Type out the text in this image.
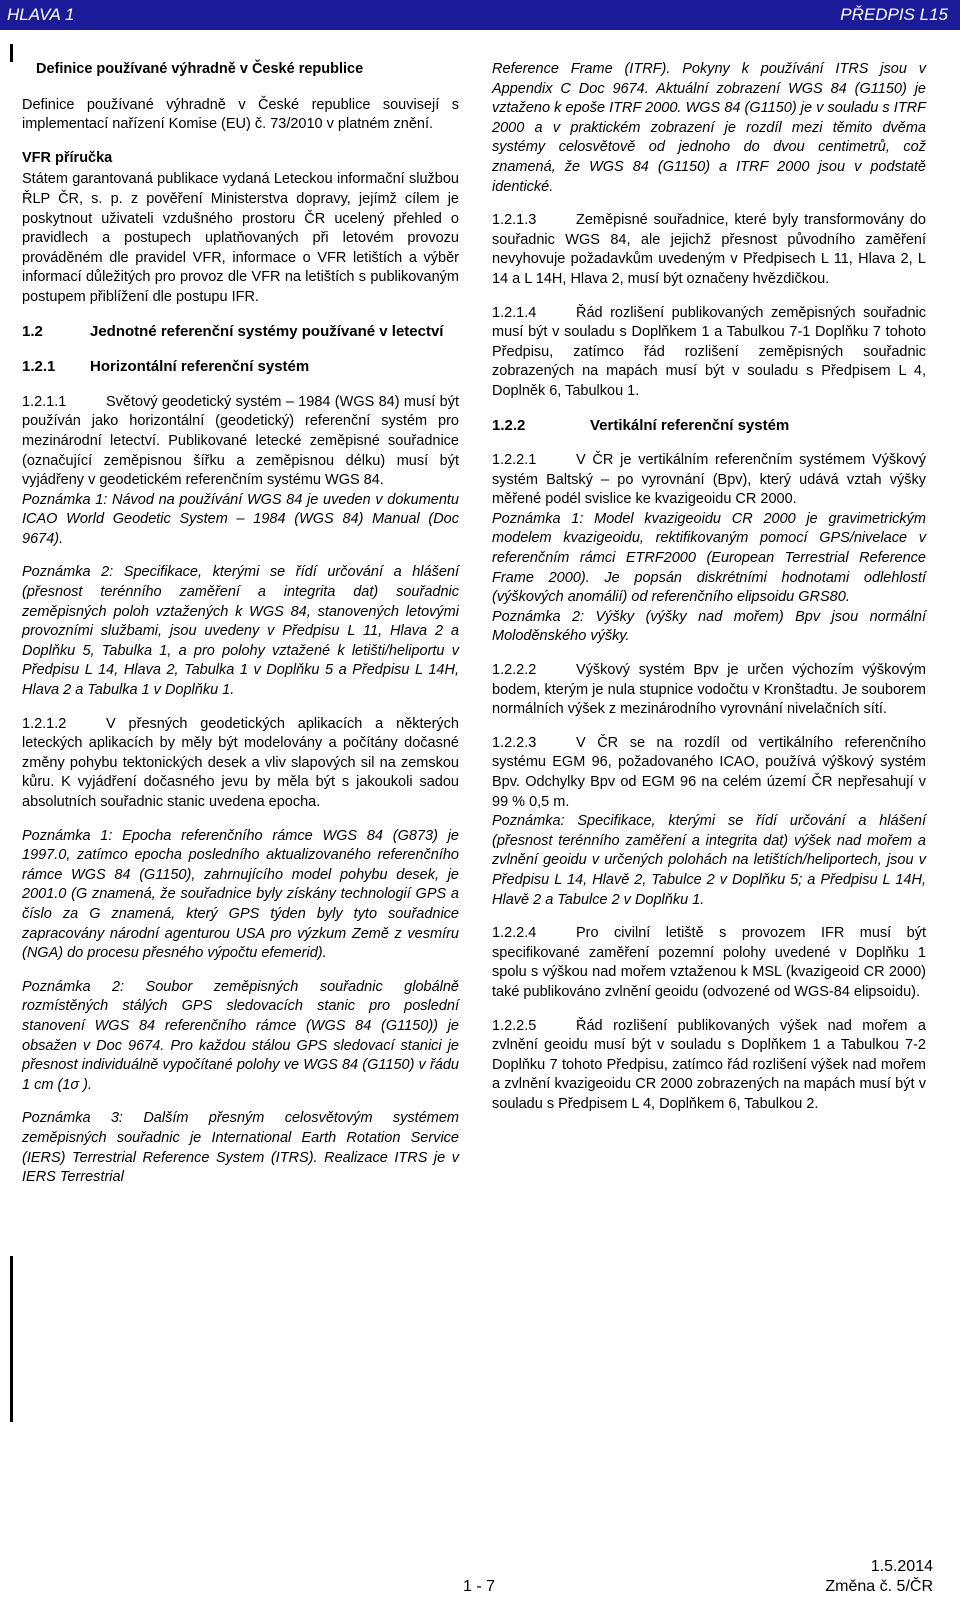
HLAVA 1	PŘEDPIS L15
Definice používané výhradně v České republice

Definice používané výhradně v České republice souvisejí s implementací nařízení Komise (EU) č. 73/2010 v platném znění.

VFR příručka

Státem garantovaná publikace vydaná Leteckou informační službou ŘLP ČR, s. p. z pověření Ministerstva dopravy, jejímž cílem je poskytnout uživateli vzdušného prostoru ČR ucelený přehled o pravidlech a postupech uplatňovaných při letovém provozu prováděném dle pravidel VFR, informace o VFR letištích a výběr informací důležitých pro provoz dle VFR na letištích s publikovaným postupem přiblížení dle postupu IFR.

1.2	Jednotné referenční systémy používané v letectví
1.2.1 Horizontální referenční systém

1.2.1.1	Světový geodetický systém – 1984 (WGS 84) musí být používán jako horizontální (geodetický) referenční systém pro mezinárodní letectví. Publikované letecké zeměpisné souřadnice (označující zeměpisnou šířku a zeměpisnou délku) musí být vyjádřeny v geodetickém referenčním systému WGS 84.

Poznámka 1: Návod na používání WGS 84 je uveden v dokumentu ICAO World Geodetic System – 1984 (WGS 84) Manual (Doc 9674).

Poznámka 2: Specifikace, kterými se řídí určování a hlášení (přesnost terénního zaměření a integrita dat) souřadnic zeměpisných poloh vztažených k WGS 84, stanovených letovými provozními službami, jsou uvedeny v Předpisu L 11, Hlava 2 a Doplňku 5, Tabulka 1, a pro polohy vztažené k letišti/heliportu v Předpisu L 14, Hlava 2, Tabulka 1 v Doplňku 5 a Předpisu L 14H, Hlava 2 a Tabulka 1 v Doplňku 1.

1.2.1.2	V přesných geodetických aplikacích a některých leteckých aplikacích by měly být modelovány a počítány dočasné změny pohybu tektonických desek a vliv slapových sil na zemskou kůru. K vyjádření dočasného jevu by měla být s jakoukoli sadou absolutních souřadnic stanic uvedena epocha.

Poznámka 1: Epocha referenčního rámce WGS 84 (G873) je 1997.0, zatímco epocha posledního aktualizovaného referenčního rámce WGS 84 (G1150), zahrnujícího model pohybu desek, je 2001.0 (G znamená, že souřadnice byly získány technologií GPS a číslo za G znamená, který GPS týden byly tyto souřadnice zapracovány národní agenturou USA pro výzkum Země z vesmíru (NGA) do procesu přesného výpočtu efemerid).

Poznámka 2: Soubor zeměpisných souřadnic globálně rozmístěných stálých GPS sledovacích stanic pro poslední stanovení WGS 84 referenčního rámce (WGS 84 (G1150)) je obsažen v Doc 9674. Pro každou stálou GPS sledovací stanici je přesnost individuálně vypočítané polohy ve WGS 84 (G1150) v řádu 1 cm (1σ ).

Poznámka 3: Dalším přesným celosvětovým systémem zeměpisných souřadnic je International Earth Rotation Service (IERS) Terrestrial Reference System (ITRS). Realizace ITRS je v IERS Terrestrial

Reference Frame (ITRF). Pokyny k používání ITRS jsou v Appendix C Doc 9674. Aktuální zobrazení WGS 84 (G1150) je vztaženo k epoše ITRF 2000. WGS 84 (G1150) je v souladu s ITRF 2000 a v praktickém zobrazení je rozdíl mezi těmito dvěma systémy celosvětově od jednoho do dvou centimetrů, což znamená, že WGS 84 (G1150) a ITRF 2000 jsou v podstatě identické.

1.2.1.3	Zeměpisné souřadnice, které byly transformovány do souřadnic WGS 84, ale jejichž přesnost původního zaměření nevyhovuje požadavkům uvedeným v Předpisech L 11, Hlava 2, L 14 a L 14H, Hlava 2, musí být označeny hvězdičkou.

1.2.1.4	Řád rozlišení publikovaných zeměpisných souřadnic musí být v souladu s Doplňkem 1 a Tabulkou 7-1 Doplňku 7 tohoto Předpisu, zatímco řád rozlišení zeměpisných souřadnic zobrazených na mapách musí být v souladu s Předpisem L 4, Doplněk 6, Tabulkou 1.

1.2.2	Vertikální referenční systém

1.2.2.1	V ČR je vertikálním referenčním systémem Výškový systém Baltský – po vyrovnání (Bpv), který udává vztah výšky měřené podél svislice ke kvazigeoidu CR 2000.

Poznámka 1: Model kvazigeoidu CR 2000 je gravimetrickým modelem kvazigeoidu, rektifikovaným pomocí GPS/nivelace v referenčním rámci ETRF2000 (European Terrestrial Reference Frame 2000). Je popsán diskrétními hodnotami odlehlostí (výškových anomálií) od referenčního elipsoidu GRS80.

Poznámka 2: Výšky (výšky nad mořem) Bpv jsou normální Moloděnského výšky.

1.2.2.2	Výškový systém Bpv je určen výchozím výškovým bodem, kterým je nula stupnice vodočtu v Kronštadtu. Je souborem normálních výšek z mezinárodního vyrovnání nivelačních sítí.

1.2.2.3	V ČR se na rozdíl od vertikálního referenčního systému EGM 96, požadovaného ICAO, používá výškový systém Bpv. Odchylky Bpv od EGM 96 na celém území ČR nepřesahují v 99 % 0,5 m.

Poznámka: Specifikace, kterými se řídí určování a hlášení (přesnost terénního zaměření a integrita dat) výšek nad mořem a zvlnění geoidu v určených polohách na letištích/heliportech, jsou v Předpisu L 14, Hlavě 2, Tabulce 2 v Doplňku 5; a Předpisu L 14H, Hlavě 2 a Tabulce 2 v Doplňku 1.

1.2.2.4	Pro civilní letiště s provozem IFR musí být specifikované zaměření pozemní polohy uvedené v Doplňku 1 spolu s výškou nad mořem vztaženou k MSL (kvazigeoid CR 2000) také publikováno zvlnění geoidu (odvozené od WGS-84 elipsoidu).

1.2.2.5	Řád rozlišení publikovaných výšek nad mořem a zvlnění geoidu musí být v souladu s Doplňkem 1 a Tabulkou 7-2 Doplňku 7 tohoto Předpisu, zatímco řád rozlišení výšek nad mořem a zvlnění kvazigeoidu CR 2000 zobrazených na mapách musí být v souladu s Předpisem L 4, Doplňkem 6, Tabulkou 2.

1.5.2014
1 - 7	Změna č. 5/ČR
